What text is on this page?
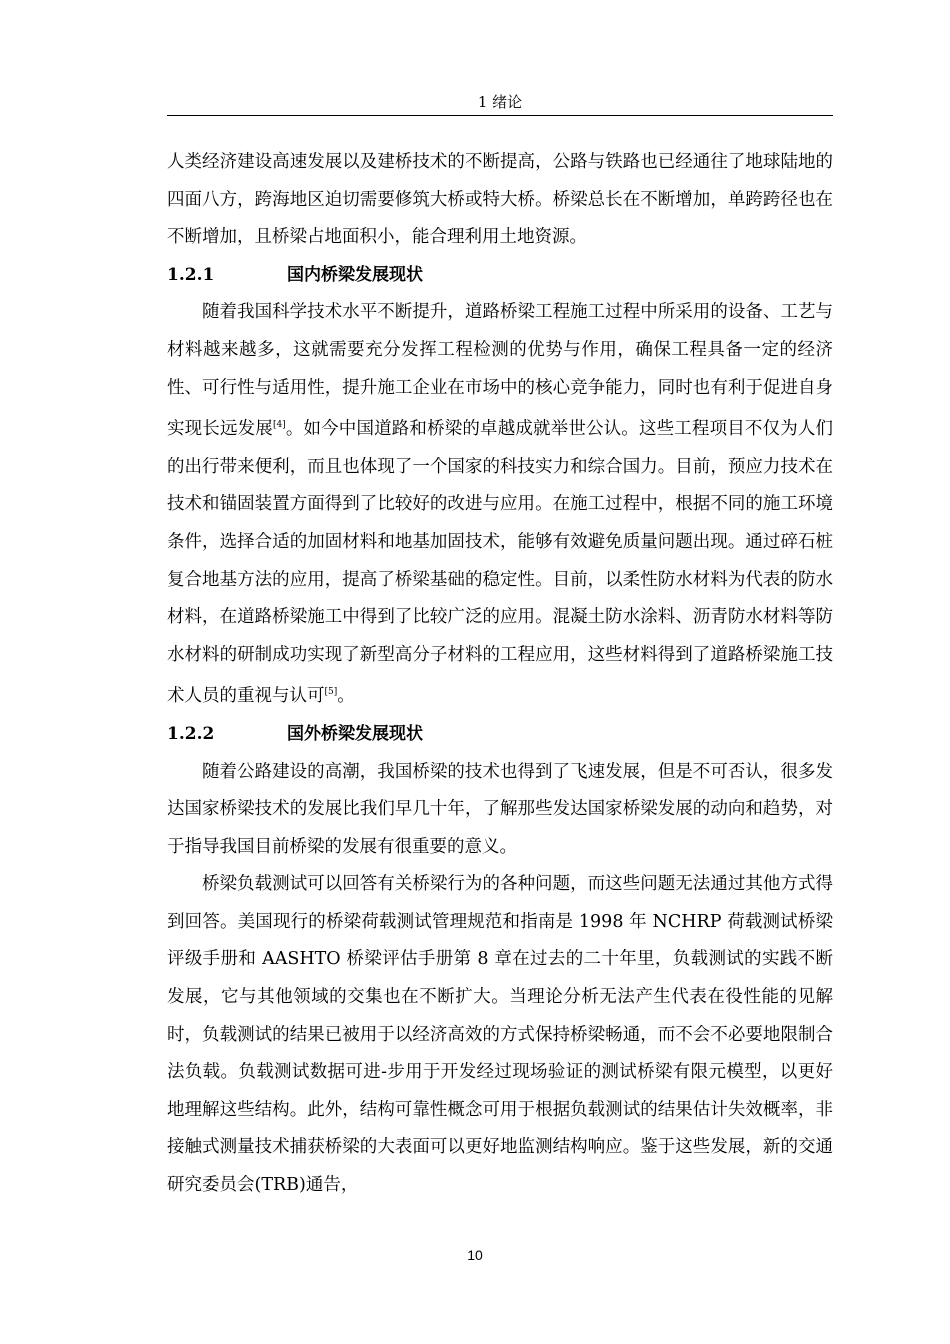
1 绪论

人类经济建设高速发展以及建桥技术的不断提高，公路与铁路也已经通往了地球陆地的四面八方，跨海地区迫切需要修筑大桥或特大桥。桥梁总长在不断增加，单跨跨径也在不断增加，且桥梁占地面积小，能合理利用土地资源。

1.2.1	国内桥梁发展现状

随着我国科学技术水平不断提升，道路桥梁工程施工过程中所采用的设备、工艺与材料越来越多，这就需要充分发挥工程检测的优势与作用，确保工程具备一定的经济性、可行性与适用性，提升施工企业在市场中的核心竞争能力，同时也有利于促进自身实现长远发展[4]。如今中国道路和桥梁的卓越成就举世公认。这些工程项目不仅为人们的出行带来便利，而且也体现了一个国家的科技实力和综合国力。目前，预应力技术在技术和锚固装置方面得到了比较好的改进与应用。在施工过程中，根据不同的施工环境条件，选择合适的加固材料和地基加固技术，能够有效避免质量问题出现。通过碎石桩复合地基方法的应用，提高了桥梁基础的稳定性。目前，以柔性防水材料为代表的防水材料，在道路桥梁施工中得到了比较广泛的应用。混凝土防水涂料、沥青防水材料等防水材料的研制成功实现了新型高分子材料的工程应用，这些材料得到了道路桥梁施工技术人员的重视与认可[5]。

1.2.2	国外桥梁发展现状

随着公路建设的高潮，我国桥梁的技术也得到了飞速发展，但是不可否认，很多发达国家桥梁技术的发展比我们早几十年，了解那些发达国家桥梁发展的动向和趋势，对于指导我国目前桥梁的发展有很重要的意义。

桥梁负载测试可以回答有关桥梁行为的各种问题，而这些问题无法通过其他方式得到回答。美国现行的桥梁荷载测试管理规范和指南是 1998 年 NCHRP 荷载测试桥梁评级手册和 AASHTO 桥梁评估手册第 8 章在过去的二十年里，负载测试的实践不断发展，它与其他领域的交集也在不断扩大。当理论分析无法产生代表在役性能的见解时，负载测试的结果已被用于以经济高效的方式保持桥梁畅通，而不会不必要地限制合法负载。负载测试数据可进-步用于开发经过现场验证的测试桥梁有限元模型，以更好地理解这些结构。此外，结构可靠性概念可用于根据负载测试的结果估计失效概率，非接触式测量技术捕获桥梁的大表面可以更好地监测结构响应。鉴于这些发展，新的交通研究委员会(TRB)通告，

10
